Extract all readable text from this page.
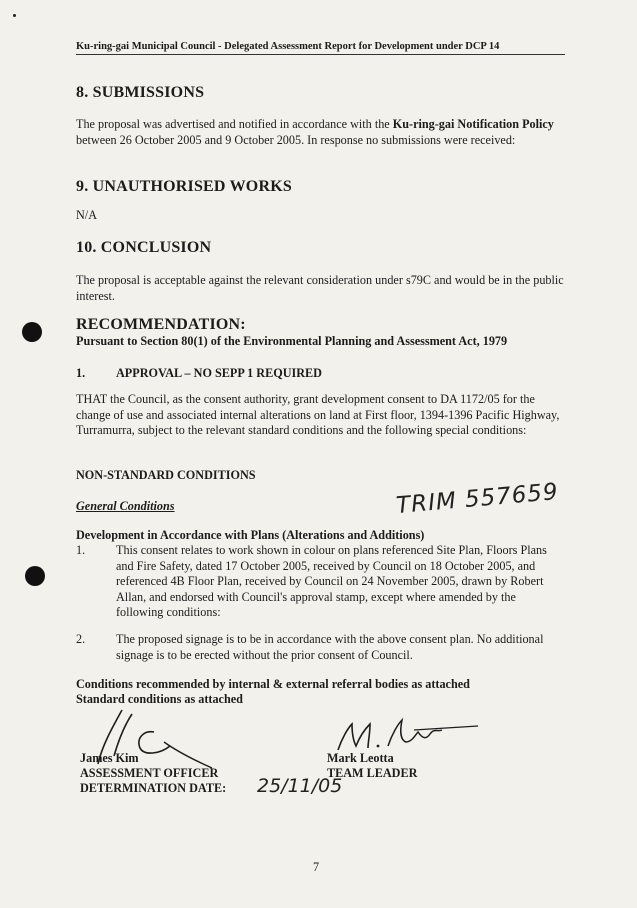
Ku-ring-gai Municipal Council - Delegated Assessment Report for Development under DCP 14
8. SUBMISSIONS
The proposal was advertised and notified in accordance with the Ku-ring-gai Notification Policy between 26 October 2005 and 9 October 2005. In response no submissions were received:
9. UNAUTHORISED WORKS
N/A
10. CONCLUSION
The proposal is acceptable against the relevant consideration under s79C and would be in the public interest.
RECOMMENDATION:
Pursuant to Section 80(1) of the Environmental Planning and Assessment Act, 1979
1.	APPROVAL – NO SEPP 1 REQUIRED
THAT the Council, as the consent authority, grant development consent to DA 1172/05 for the change of use and associated internal alterations on land at First floor, 1394-1396 Pacific Highway, Turramurra, subject to the relevant standard conditions and the following special conditions:
NON-STANDARD CONDITIONS
General Conditions	TRIM 557659
Development in Accordance with Plans (Alterations and Additions)
1.	This consent relates to work shown in colour on plans referenced Site Plan, Floors Plans and Fire Safety, dated 17 October 2005, received by Council on 18 October 2005, and referenced 4B Floor Plan, received by Council on 24 November 2005, drawn by Robert Allan, and endorsed with Council's approval stamp, except where amended by the following conditions:
2.	The proposed signage is to be in accordance with the above consent plan. No additional signage is to be erected without the prior consent of Council.
Conditions recommended by internal & external referral bodies as attached
Standard conditions as attached
James Kim
ASSESSMENT OFFICER
DETERMINATION DATE: 25/11/05
Mark Leotta
TEAM LEADER
7
